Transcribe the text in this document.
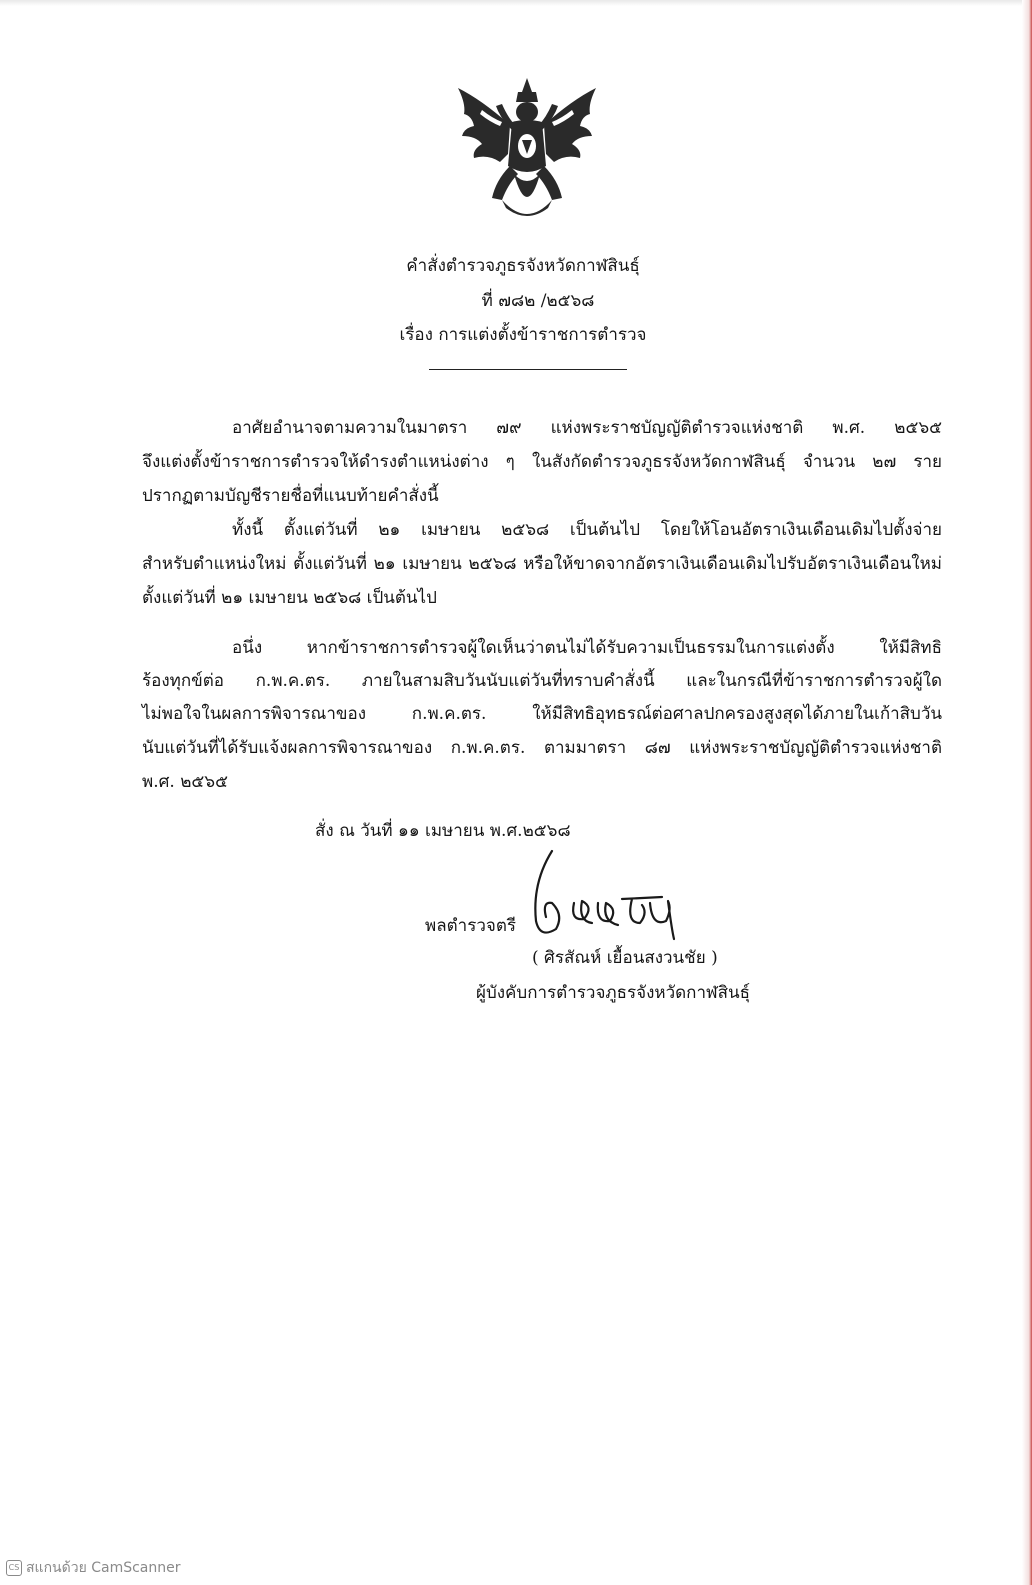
คำสั่งตำรวจภูธรจังหวัดกาฬสินธุ์
ที่ ๗๘๒ /๒๕๖๘
เรื่อง การแต่งตั้งข้าราชการตำรวจ
อาศัยอำนาจตามความในมาตรา ๗๙ แห่งพระราชบัญญัติตำรวจแห่งชาติ พ.ศ. ๒๕๖๕
จึงแต่งตั้งข้าราชการตำรวจให้ดำรงตำแหน่งต่าง ๆ ในสังกัดตำรวจภูธรจังหวัดกาฬสินธุ์ จำนวน ๒๗ ราย
ปรากฏตามบัญชีรายชื่อที่แนบท้ายคำสั่งนี้
ทั้งนี้ ตั้งแต่วันที่ ๒๑ เมษายน ๒๕๖๘ เป็นต้นไป โดยให้โอนอัตราเงินเดือนเดิมไปตั้งจ่าย
สำหรับตำแหน่งใหม่ ตั้งแต่วันที่ ๒๑ เมษายน ๒๕๖๘ หรือให้ขาดจากอัตราเงินเดือนเดิมไปรับอัตราเงินเดือนใหม่
ตั้งแต่วันที่ ๒๑ เมษายน ๒๕๖๘ เป็นต้นไป
อนึ่ง หากข้าราชการตำรวจผู้ใดเห็นว่าตนไม่ได้รับความเป็นธรรมในการแต่งตั้ง ให้มีสิทธิ
ร้องทุกข์ต่อ ก.พ.ค.ตร. ภายในสามสิบวันนับแต่วันที่ทราบคำสั่งนี้ และในกรณีที่ข้าราชการตำรวจผู้ใด
ไม่พอใจในผลการพิจารณาของ ก.พ.ค.ตร. ให้มีสิทธิอุทธรณ์ต่อศาลปกครองสูงสุดได้ภายในเก้าสิบวัน
นับแต่วันที่ได้รับแจ้งผลการพิจารณาของ ก.พ.ค.ตร. ตามมาตรา ๘๗ แห่งพระราชบัญญัติตำรวจแห่งชาติ
พ.ศ. ๒๕๖๕
สั่ง ณ วันที่ ๑๑ เมษายน พ.ศ.๒๕๖๘
พลตำรวจตรี
( ศิรสัณห์ เยื้อนสงวนชัย )
ผู้บังคับการตำรวจภูธรจังหวัดกาฬสินธุ์
CS สแกนด้วย CamScanner
